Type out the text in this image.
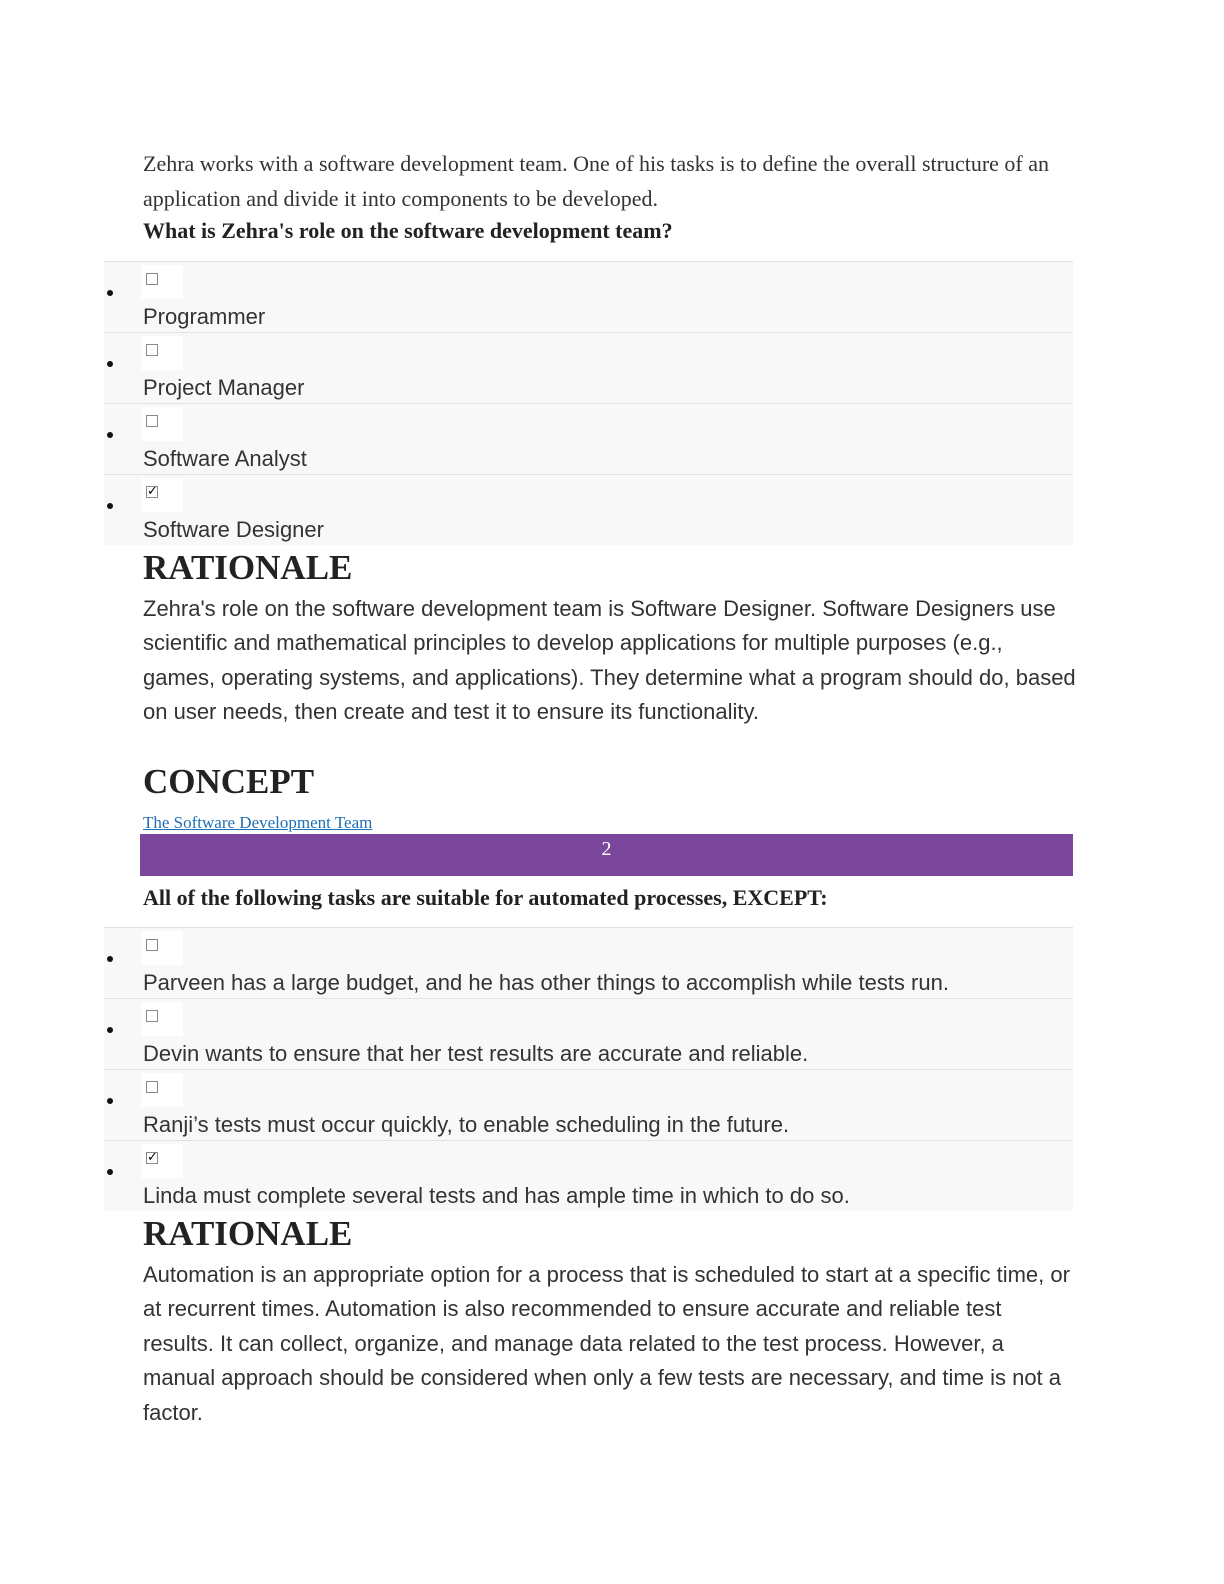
Zehra works with a software development team. One of his tasks is to define the overall structure of an application and divide it into components to be developed.
What is Zehra's role on the software development team?
Programmer
Project Manager
Software Analyst
✓
Software Designer
RATIONALE
Zehra's role on the software development team is Software Designer. Software Designers use scientific and mathematical principles to develop applications for multiple purposes (e.g., games, operating systems, and applications). They determine what a program should do, based on user needs, then create and test it to ensure its functionality.
CONCEPT
The Software Development Team
2
All of the following tasks are suitable for automated processes, EXCEPT:
Parveen has a large budget, and he has other things to accomplish while tests run.
Devin wants to ensure that her test results are accurate and reliable.
Ranji’s tests must occur quickly, to enable scheduling in the future.
✓
Linda must complete several tests and has ample time in which to do so.
RATIONALE
Automation is an appropriate option for a process that is scheduled to start at a specific time, or at recurrent times. Automation is also recommended to ensure accurate and reliable test results. It can collect, organize, and manage data related to the test process. However, a manual approach should be considered when only a few tests are necessary, and time is not a factor.
